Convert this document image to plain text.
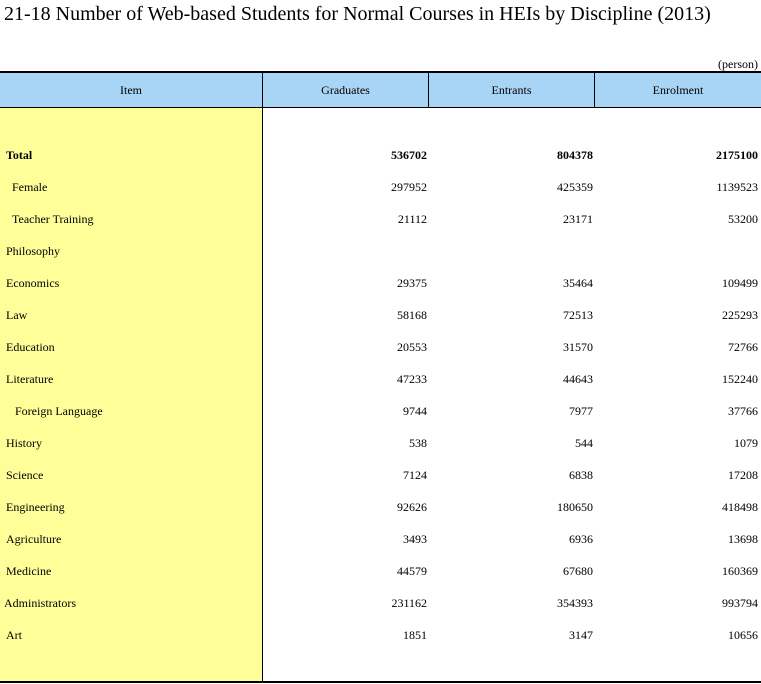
21-18 Number of Web-based Students for Normal Courses in HEIs by Discipline (2013)
(person)
Item	Graduates	Entrants	Enrolment
Total	536702	804378	2175100
Female	297952	425359	1139523
Teacher Training	21112	23171	53200
Philosophy
Economics	29375	35464	109499
Law	58168	72513	225293
Education	20553	31570	72766
Literature	47233	44643	152240
Foreign Language	9744	7977	37766
History	538	544	1079
Science	7124	6838	17208
Engineering	92626	180650	418498
Agriculture	3493	6936	13698
Medicine	44579	67680	160369
Administrators	231162	354393	993794
Art	1851	3147	10656
